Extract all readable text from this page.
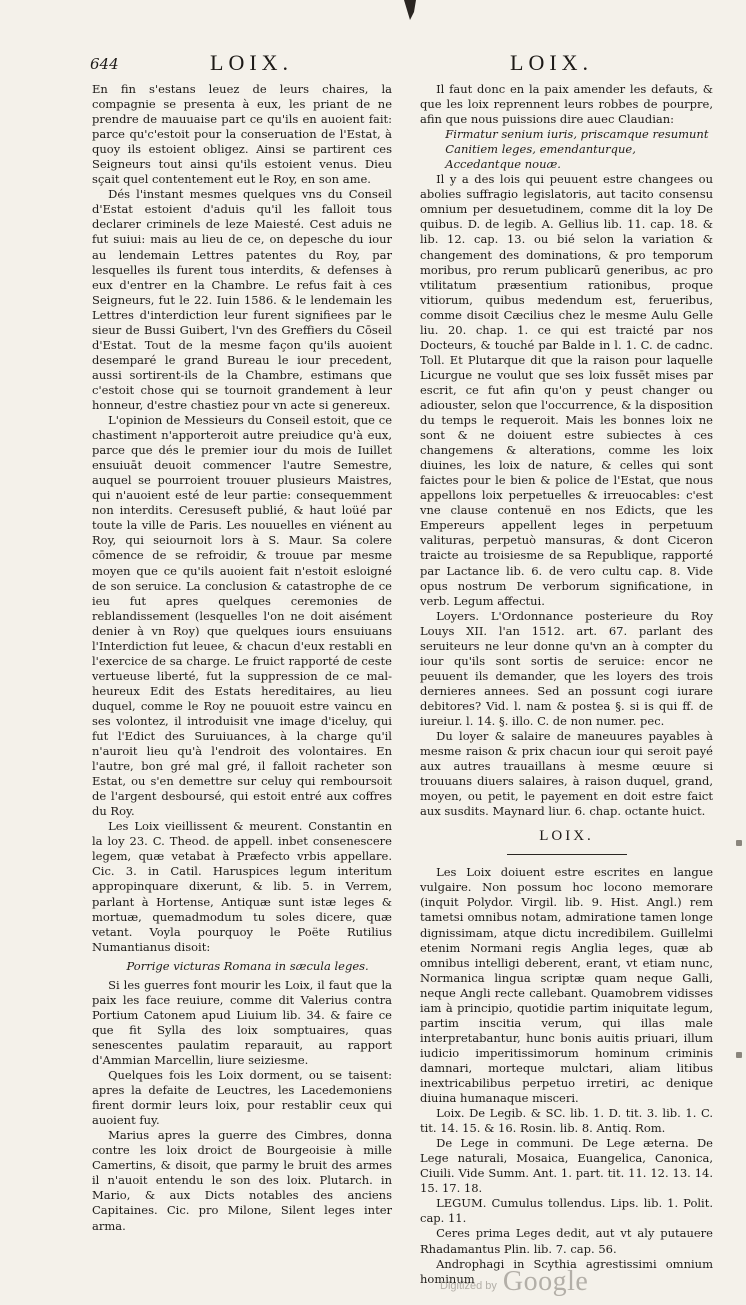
644	LOIX.	LOIX.

En fin s'estans leuez de leurs chaires, la compagnie se presenta à eux, les priant de ne prendre de mauuaise part ce qu'ils en auoient fait: parce qu'c'estoit pour la conseruation de l'Estat, à quoy ils estoient obligez. Ainsi se partirent ces Seigneurs tout ainsi qu'ils estoient venus. Dieu sçait quel contentement eut le Roy, en son ame.

Dés l'instant mesmes quelques vns du Conseil d'Estat estoient d'aduis qu'il les falloit tous declarer criminels de leze Maiesté. Cest aduis ne fut suiui: mais au lieu de ce, on depesche du iour au lendemain Lettres patentes du Roy, par lesquelles ils furent tous interdits, & defenses à eux d'entrer en la Chambre. Le refus fait à ces Seigneurs, fut le 22. Iuin 1586. & le lendemain les Lettres d'interdiction leur furent signifiees par le sieur de Bussi Guibert, l'vn des Greffiers du Cōseil d'Estat. Tout de la mesme façon qu'ils auoient desemparé le grand Bureau le iour precedent, aussi sortirent-ils de la Chambre, estimans que c'estoit chose qui se tournoit grandement à leur honneur, d'estre chastiez pour vn acte si genereux.

L'opinion de Messieurs du Conseil estoit, que ce chastiment n'apporteroit autre preiudice qu'à eux, parce que dés le premier iour du mois de Iuillet ensuiuāt deuoit commencer l'autre Semestre, auquel se pourroient trouuer plusieurs Maistres, qui n'auoient esté de leur partie: consequemment non interdits. Ceresuseft publié, & haut loüé par toute la ville de Paris. Les nouuelles en viénent au Roy, qui seiournoit lors à S. Maur. Sa colere cōmence de se refroidir, & trouue par mesme moyen que ce qu'ils auoient fait n'estoit esloigné de son seruice. La conclusion & catastrophe de ce ieu fut apres quelques ceremonies de reblandissement (lesquelles l'on ne doit aisément denier à vn Roy) que quelques iours ensuiuans l'Interdiction fut leuee, & chacun d'eux restabli en l'exercice de sa charge. Le fruict rapporté de ceste vertueuse liberté, fut la suppression de ce mal-heureux Edit des Estats hereditaires, au lieu duquel, comme le Roy ne pouuoit estre vaincu en ses volontez, il introduisit vne image d'iceluy, qui fut l'Edict des Suruiuances, à la charge qu'il n'auroit lieu qu'à l'endroit des volontaires. En l'autre, bon gré mal gré, il falloit racheter son Estat, ou s'en demettre sur celuy qui remboursoit de l'argent desboursé, qui estoit entré aux coffres du Roy.

Les Loix vieillissent & meurent. Constantin en la loy 23. C. Theod. de appell. inbet consenescere legem, quæ vetabat à Præfecto vrbis appellare. Cic. 3. in Catil. Haruspices legum interitum appropinquare dixerunt, & lib. 5. in Verrem, parlant à Hortense, Antiquæ sunt istæ leges & mortuæ, quemadmodum tu soles dicere, quæ vetant. Voyla pourquoy le Poëte Rutilius Numantianus disoit:

Porrige victuras Romana in sæcula leges.

Si les guerres font mourir les Loix, il faut que la paix les face reuiure, comme dit Valerius contra Portium Catonem apud Liuium lib. 34. & faire ce que fit Sylla des loix somptuaires, quas senescentes paulatim reparauit, au rapport d'Ammian Marcellin, liure seiziesme.

Quelques fois les Loix dorment, ou se taisent: apres la defaite de Leuctres, les Lacedemoniens firent dormir leurs loix, pour restablir ceux qui auoient fuy.

Marius apres la guerre des Cimbres, donna contre les loix droict de Bourgeoisie à mille Camertins, & disoit, que parmy le bruit des armes il n'auoit entendu le son des loix. Plutarch. in Mario, & aux Dicts notables des anciens Capitaines. Cic. pro Milone, Silent leges inter arma.

Il faut donc en la paix amender les defauts, & que les loix reprennent leurs robbes de pourpre, afin que nous puissions dire auec Claudian:

Firmatur senium iuris, priscamque resumunt
Canitiem leges, emendanturque,
Accedantque nouæ.

Il y a des lois qui peuuent estre changees ou abolies suffragio legislatoris, aut tacito consensu omnium per desuetudinem, comme dit la loy De quibus. D. de legib. A. Gellius lib. 11. cap. 18. & lib. 12. cap. 13. ou bié selon la variation & changement des dominations, & pro temporum moribus, pro rerum publicarū generibus, ac pro vtilitatum præsentium rationibus, proque vitiorum, quibus medendum est, ferueribus, comme disoit Cæcilius chez le mesme Aulu Gelle liu. 20. chap. 1. ce qui est traicté par nos Docteurs, & touché par Balde in l. 1. C. de cadnc. Toll. Et Plutarque dit que la raison pour laquelle Licurgue ne voulut que ses loix fussēt mises par escrit, ce fut afin qu'on y peust changer ou adiouster, selon que l'occurrence, & la disposition du temps le requeroit. Mais les bonnes loix ne sont & ne doiuent estre subiectes à ces changemens & alterations, comme les loix diuines, les loix de nature, & celles qui sont faictes pour le bien & police de l'Estat, que nous appellons loix perpetuelles & irreuocables: c'est vne clause contenuë en nos Edicts, que les Empereurs appellent leges in perpetuum valituras, perpetuò mansuras, & dont Ciceron traicte au troisiesme de sa Republique, rapporté par Lactance lib. 6. de vero cultu cap. 8. Vide opus nostrum De verborum significatione, in verb. Legum affectui.

Loyers. L'Ordonnance posterieure du Roy Louys XII. l'an 1512. art. 67. parlant des seruiteurs ne leur donne qu'vn an à compter du iour qu'ils sont sortis de seruice: encor ne peuuent ils demander, que les loyers des trois dernieres annees. Sed an possunt cogi iurare debitores? Vid. l. nam & postea §. si is qui ff. de iureiur. l. 14. §. illo. C. de non numer. pec.

Du loyer & salaire de maneuures payables à mesme raison & prix chacun iour qui seroit payé aux autres trauaillans à mesme œuure si trouuans diuers salaires, à raison duquel, grand, moyen, ou petit, le payement en doit estre faict aux susdits. Maynard liur. 6. chap. octante huict.

LOIX.

Les Loix doiuent estre escrites en langue vulgaire. Non possum hoc locono memorare (inquit Polydor. Virgil. lib. 9. Hist. Angl.) rem tametsi omnibus notam, admiratione tamen longe dignissimam, atque dictu incredibilem. Guillelmi etenim Normani regis Anglia leges, quæ ab omnibus intelligi deberent, erant, vt etiam nunc, Normanica lingua scriptæ quam neque Galli, neque Angli recte callebant. Quamobrem vidisses iam à principio, quotidie partim iniquitate legum, partim inscitia verum, qui illas male interpretabantur, hunc bonis auitis priuari, illum iudicio imperitissimorum hominum criminis damnari, morteque mulctari, aliam litibus inextricabilibus perpetuo irretiri, ac denique diuina humanaque misceri.

Loix. De Legib. & SC. lib. 1. D. tit. 3. lib. 1. C. tit. 14. 15. & 16. Rosin. lib. 8. Antiq. Rom.

De Lege in communi. De Lege æterna. De Lege naturali, Mosaica, Euangelica, Canonica, Ciuili. Vide Summ. Ant. 1. part. tit. 11. 12. 13. 14. 15. 17. 18.

LEGUM. Cumulus tollendus. Lips. lib. 1. Polit. cap. 11.

Ceres prima Leges dedit, aut vt aly putauere Rhadamantus Plin. lib. 7. cap. 56.

Androphagi in Scythia agrestissimi omnium hominum

Digitized by Google
